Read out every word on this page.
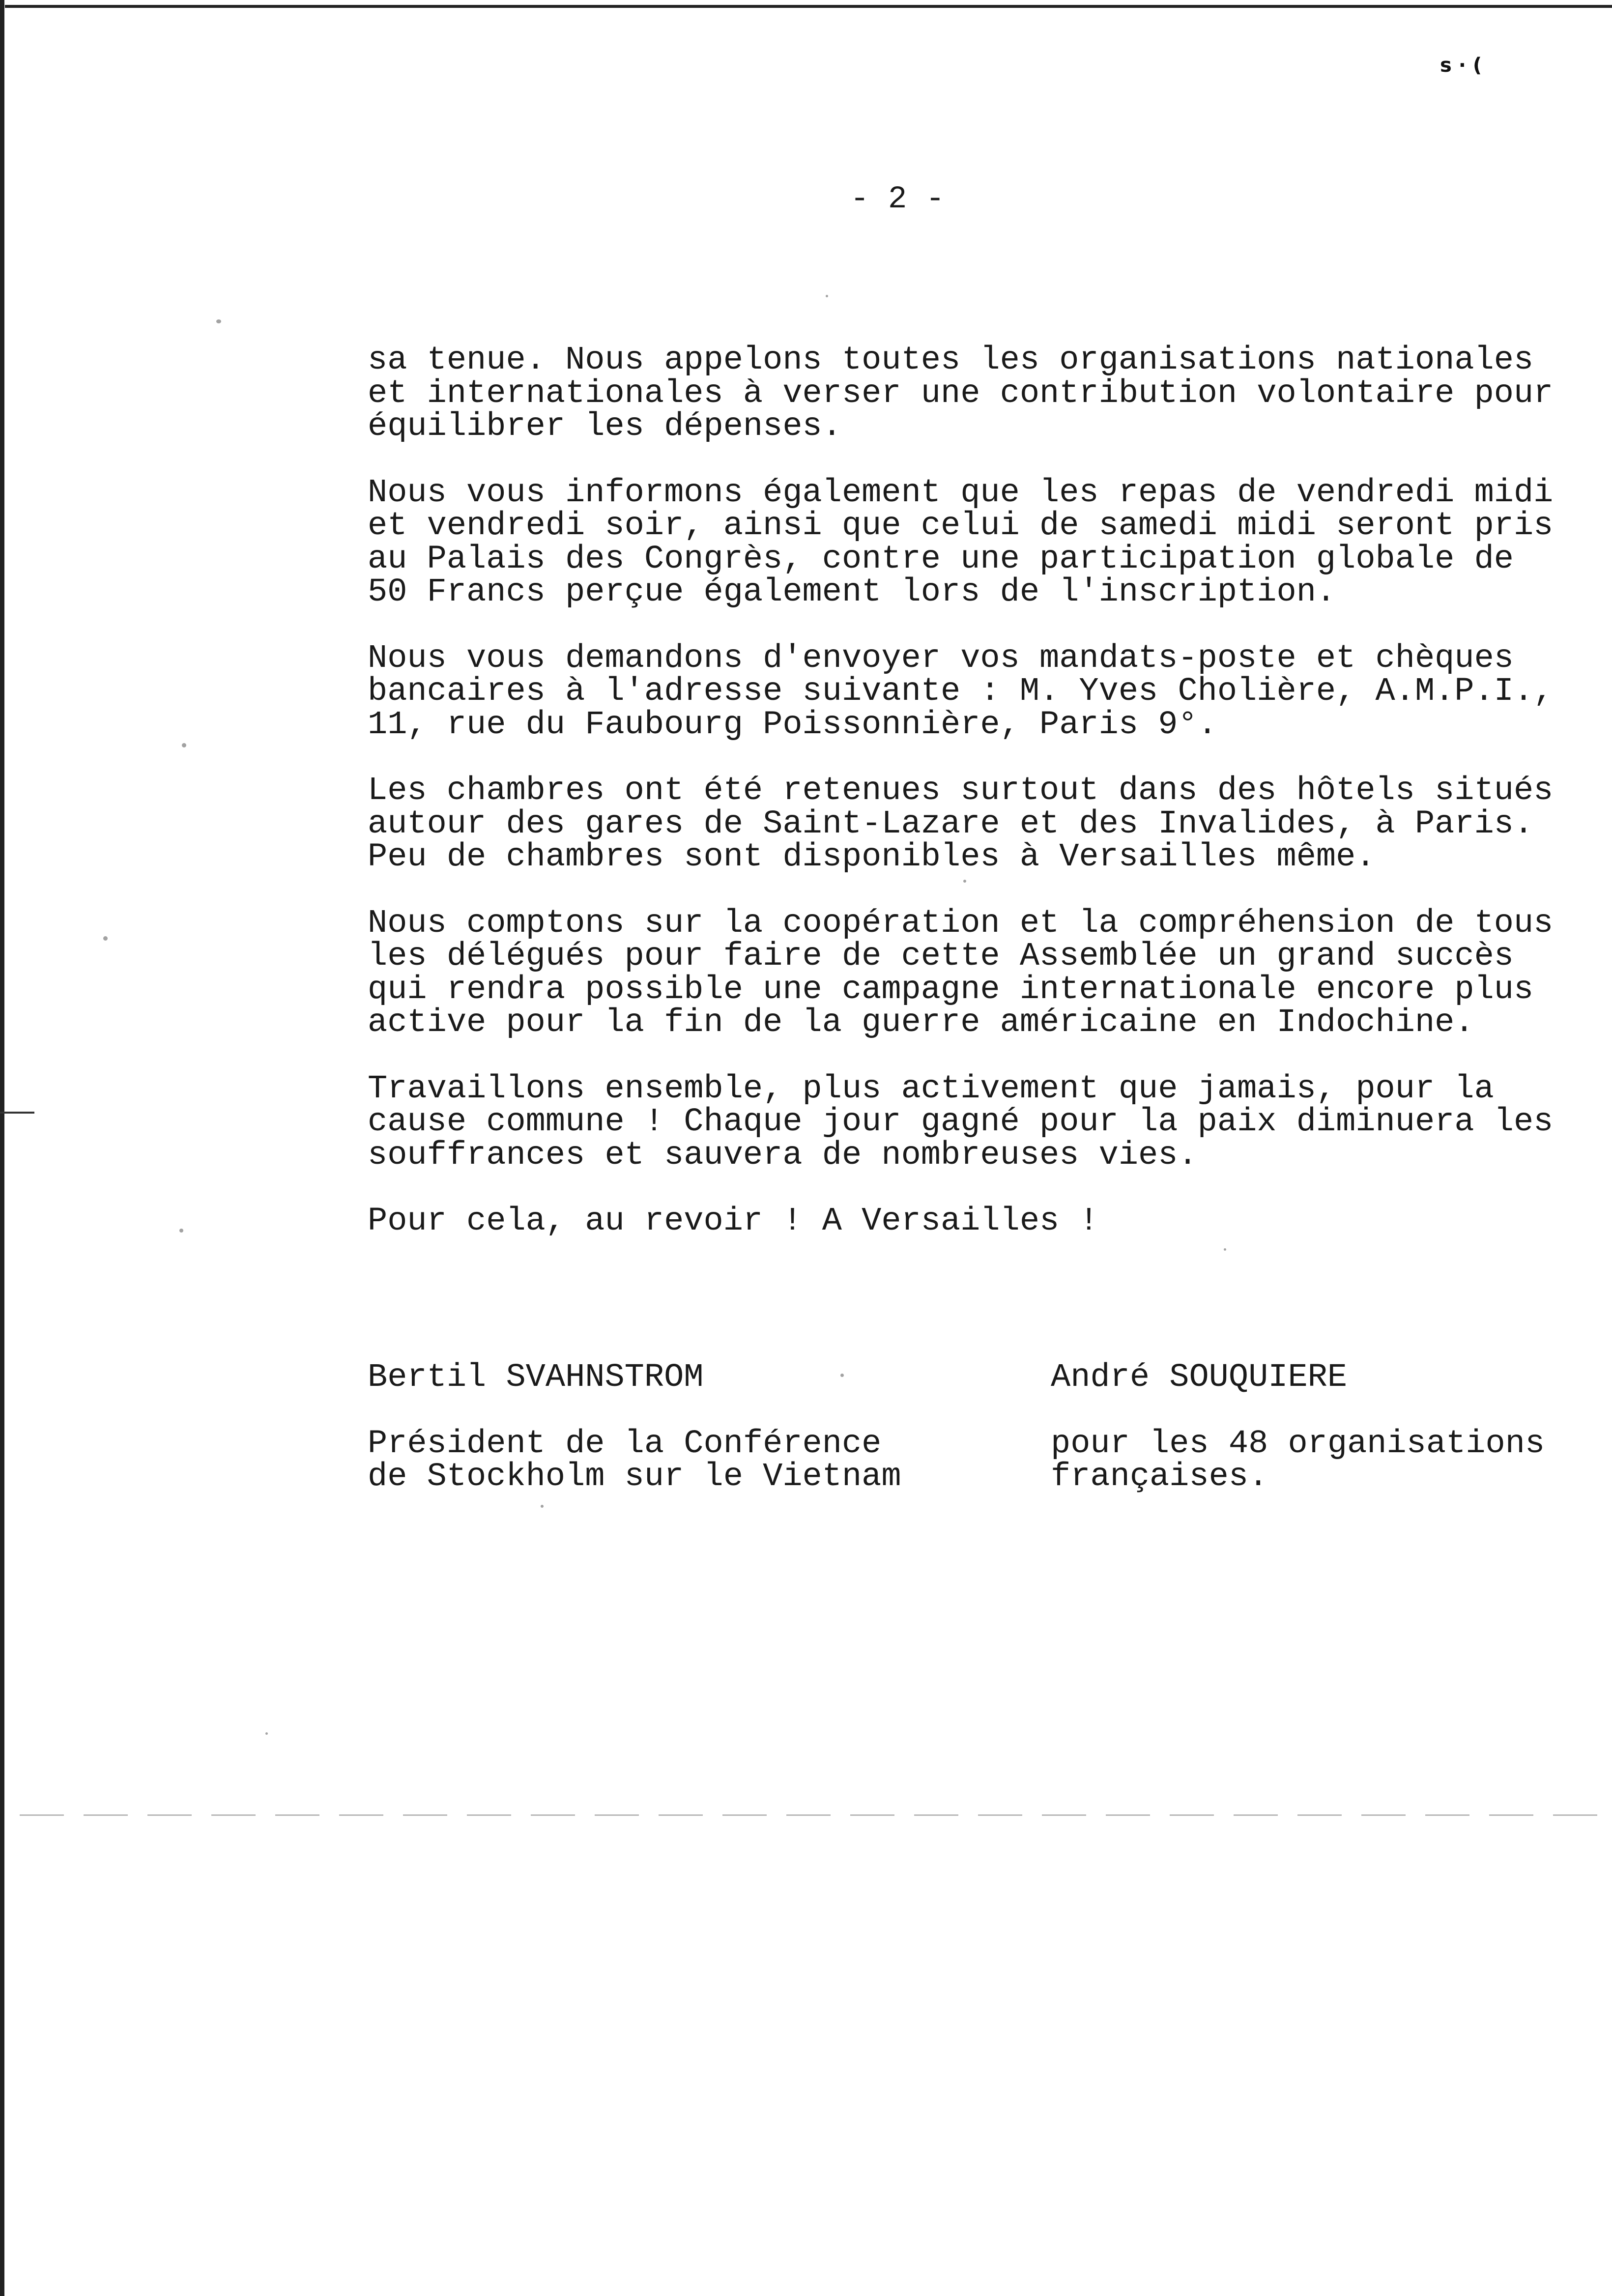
s · (
- 2 -

sa tenue. Nous appelons toutes les organisations nationales
et internationales à verser une contribution volontaire pour
équilibrer les dépenses.

Nous vous informons également que les repas de vendredi midi
et vendredi soir, ainsi que celui de samedi midi seront pris
au Palais des Congrès, contre une participation globale de
50 Francs perçue également lors de l'inscription.

Nous vous demandons d'envoyer vos mandats-poste et chèques
bancaires à l'adresse suivante : M. Yves Cholière, A.M.P.I.,
11, rue du Faubourg Poissonnière, Paris 9°.

Les chambres ont été retenues surtout dans des hôtels situés
autour des gares de Saint-Lazare et des Invalides, à Paris.
Peu de chambres sont disponibles à Versailles même.

Nous comptons sur la coopération et la compréhension de tous
les délégués pour faire de cette Assemblée un grand succès
qui rendra possible une campagne internationale encore plus
active pour la fin de la guerre américaine en Indochine.

Travaillons ensemble, plus activement que jamais, pour la
cause commune ! Chaque jour gagné pour la paix diminuera les
souffrances et sauvera de nombreuses vies.

Pour cela, au revoir ! A Versailles !

Bertil SVAHNSTROM

Président de la Conférence
de Stockholm sur le Vietnam

André SOUQUIERE

pour les 48 organisations
françaises.
